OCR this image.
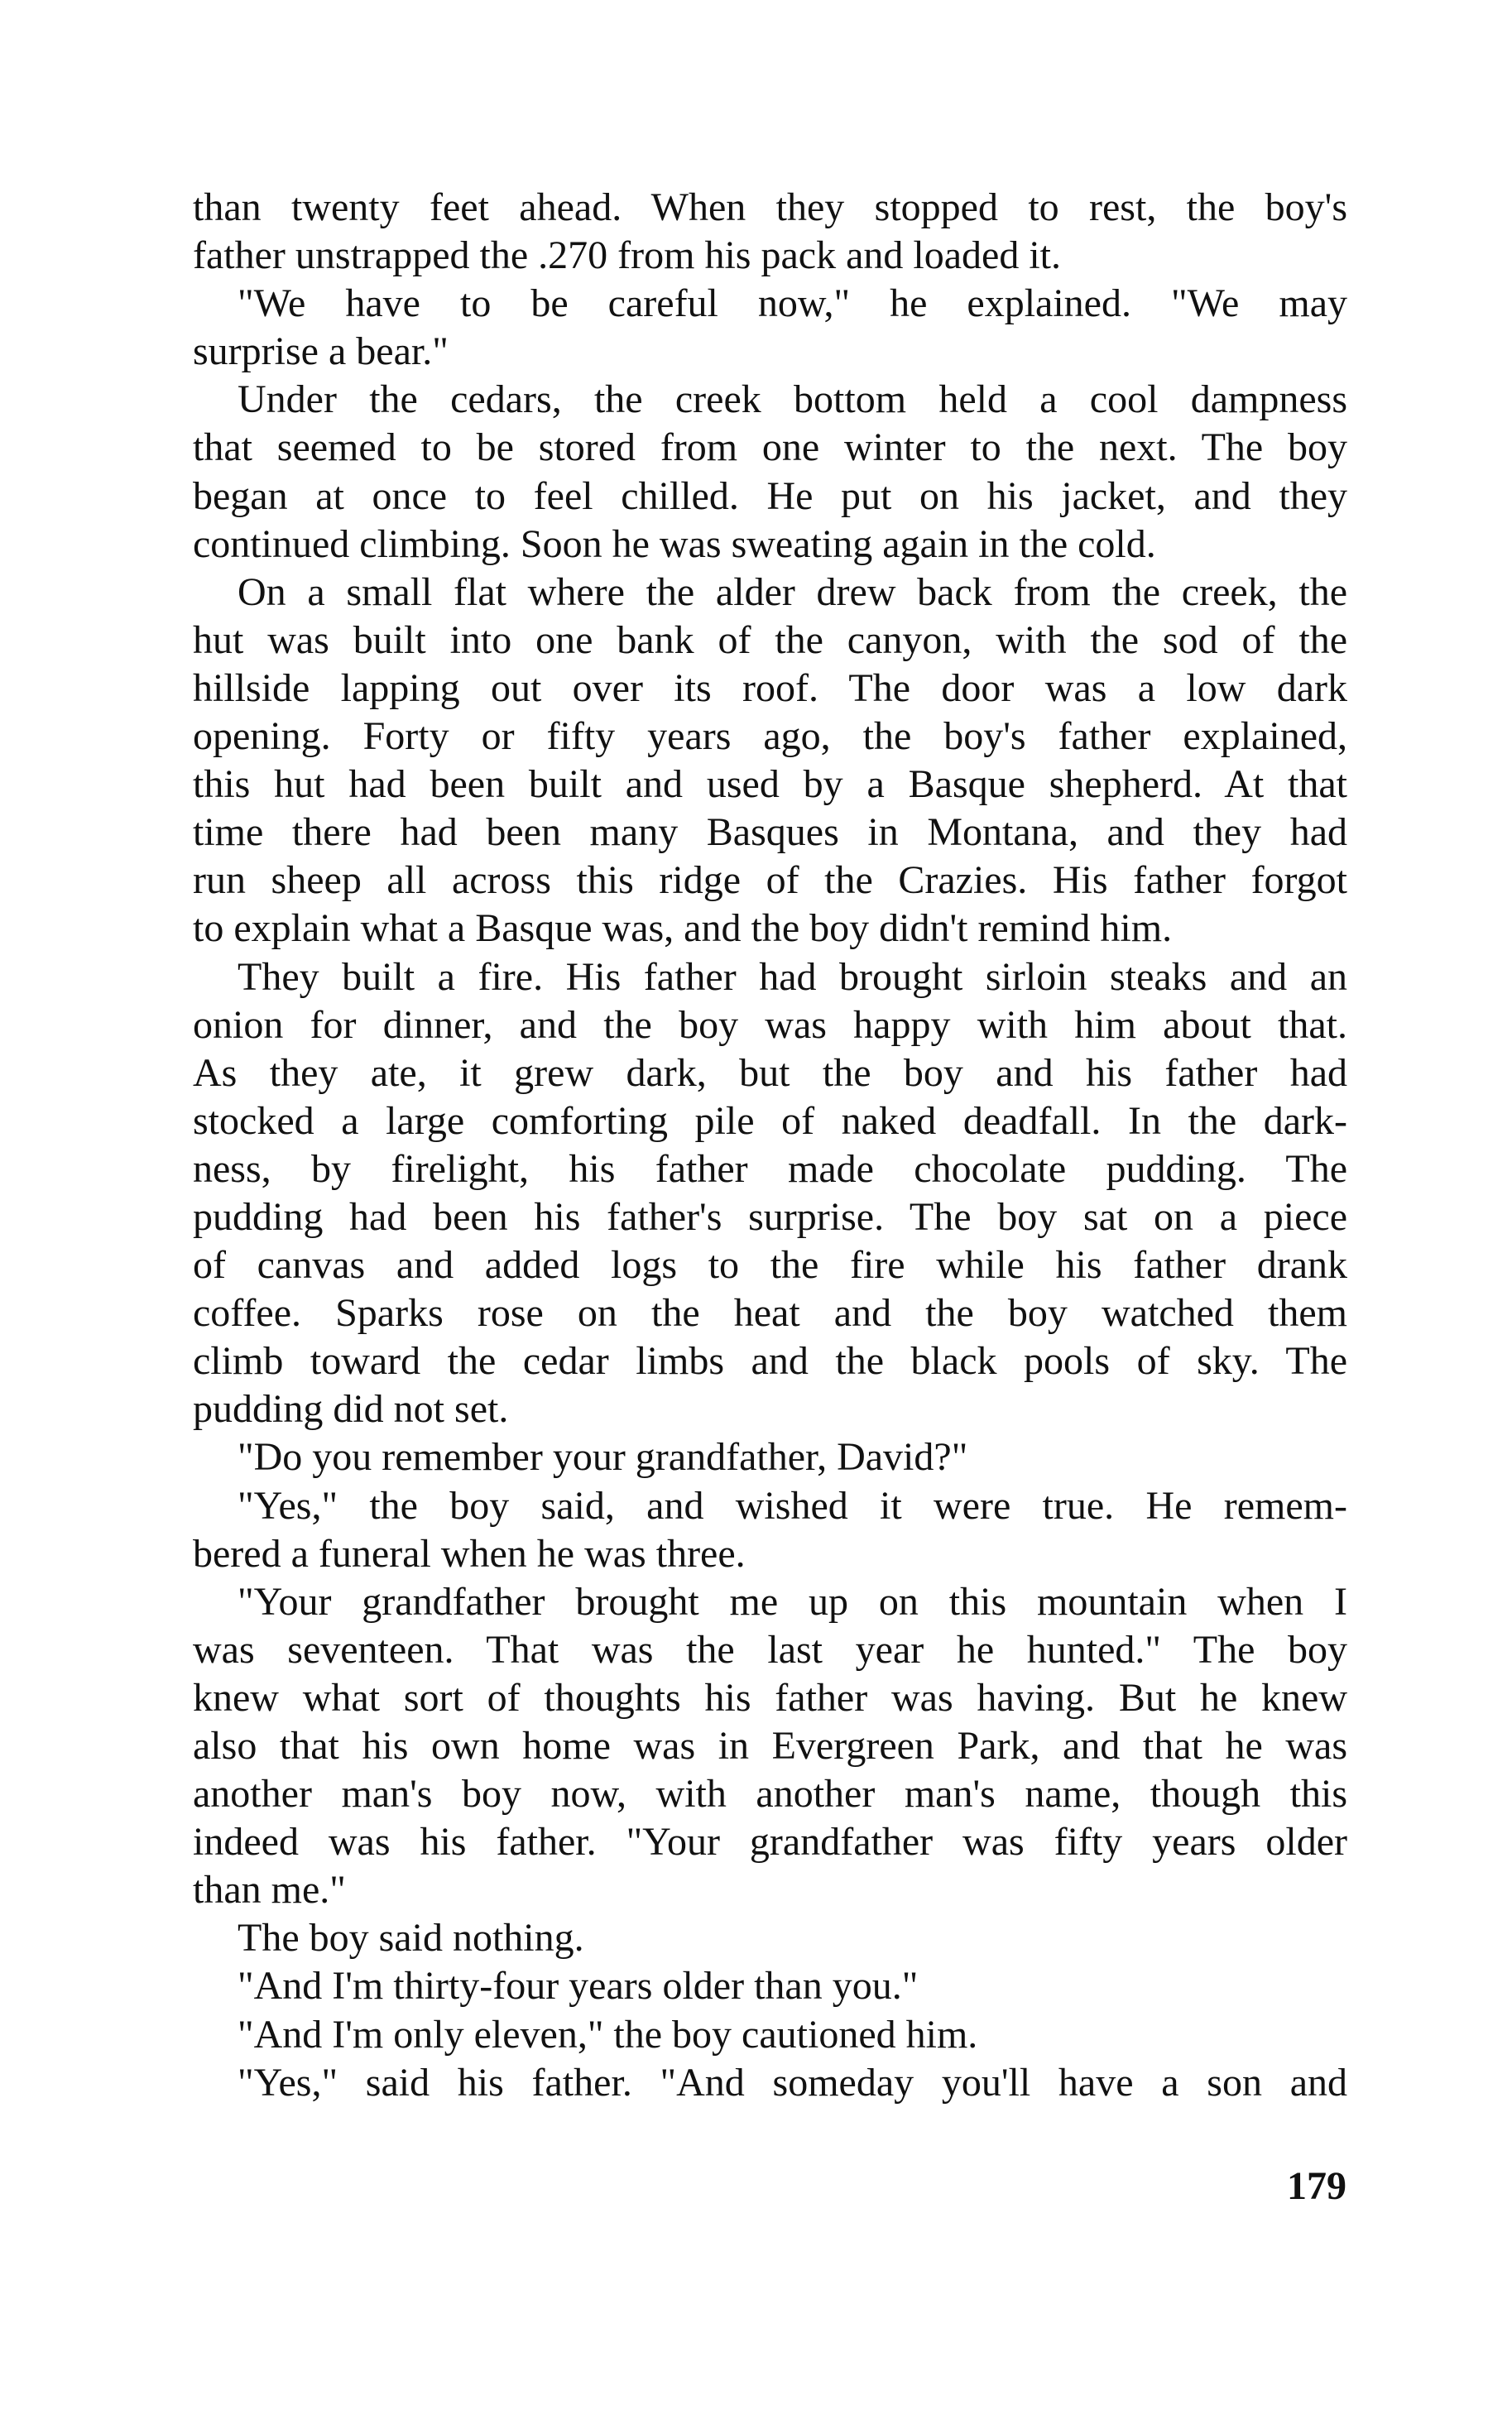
than twenty feet ahead. When they stopped to rest, the boy's
father unstrapped the .270 from his pack and loaded it.
"We have to be careful now," he explained. "We may
surprise a bear."
Under the cedars, the creek bottom held a cool dampness
that seemed to be stored from one winter to the next. The boy
began at once to feel chilled. He put on his jacket, and they
continued climbing. Soon he was sweating again in the cold.
On a small flat where the alder drew back from the creek, the
hut was built into one bank of the canyon, with the sod of the
hillside lapping out over its roof. The door was a low dark
opening. Forty or fifty years ago, the boy's father explained,
this hut had been built and used by a Basque shepherd. At that
time there had been many Basques in Montana, and they had
run sheep all across this ridge of the Crazies. His father forgot
to explain what a Basque was, and the boy didn't remind him.
They built a fire. His father had brought sirloin steaks and an
onion for dinner, and the boy was happy with him about that.
As they ate, it grew dark, but the boy and his father had
stocked a large comforting pile of naked deadfall. In the dark-
ness, by firelight, his father made chocolate pudding. The
pudding had been his father's surprise. The boy sat on a piece
of canvas and added logs to the fire while his father drank
coffee. Sparks rose on the heat and the boy watched them
climb toward the cedar limbs and the black pools of sky. The
pudding did not set.
"Do you remember your grandfather, David?"
"Yes," the boy said, and wished it were true. He remem-
bered a funeral when he was three.
"Your grandfather brought me up on this mountain when I
was seventeen. That was the last year he hunted." The boy
knew what sort of thoughts his father was having. But he knew
also that his own home was in Evergreen Park, and that he was
another man's boy now, with another man's name, though this
indeed was his father. "Your grandfather was fifty years older
than me."
The boy said nothing.
"And I'm thirty-four years older than you."
"And I'm only eleven," the boy cautioned him.
"Yes," said his father. "And someday you'll have a son and
179
